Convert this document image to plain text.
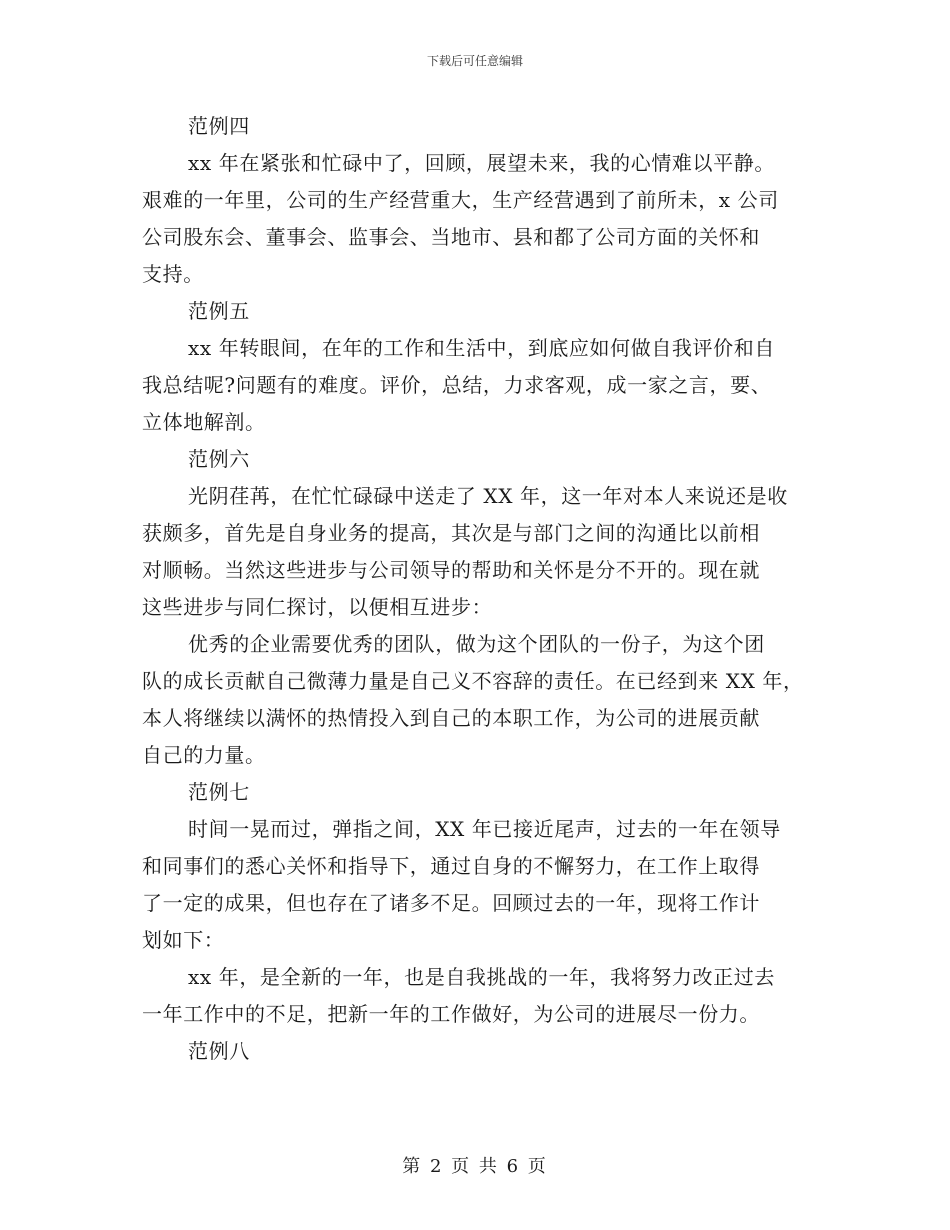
下载后可任意编辑
范例四
xx 年在紧张和忙碌中了，回顾，展望未来，我的心情难以平静。
艰难的一年里，公司的生产经营重大，生产经营遇到了前所未，x 公司
公司股东会、董事会、监事会、当地市、县和都了公司方面的关怀和
支持。
范例五
xx 年转眼间，在年的工作和生活中，到底应如何做自我评价和自
我总结呢?问题有的难度。评价，总结，力求客观，成一家之言，要、
立体地解剖。
范例六
光阴荏苒，在忙忙碌碌中送走了 XX 年，这一年对本人来说还是收
获颇多，首先是自身业务的提高，其次是与部门之间的沟通比以前相
对顺畅。当然这些进步与公司领导的帮助和关怀是分不开的。现在就
这些进步与同仁探讨，以便相互进步：
优秀的企业需要优秀的团队，做为这个团队的一份子，为这个团
队的成长贡献自己微薄力量是自己义不容辞的责任。在已经到来 XX 年，
本人将继续以满怀的热情投入到自己的本职工作，为公司的进展贡献
自己的力量。
范例七
时间一晃而过，弹指之间，XX 年已接近尾声，过去的一年在领导
和同事们的悉心关怀和指导下，通过自身的不懈努力，在工作上取得
了一定的成果，但也存在了诸多不足。回顾过去的一年，现将工作计
划如下：
xx 年，是全新的一年，也是自我挑战的一年，我将努力改正过去
一年工作中的不足，把新一年的工作做好，为公司的进展尽一份力。
范例八
第 2 页 共 6 页
